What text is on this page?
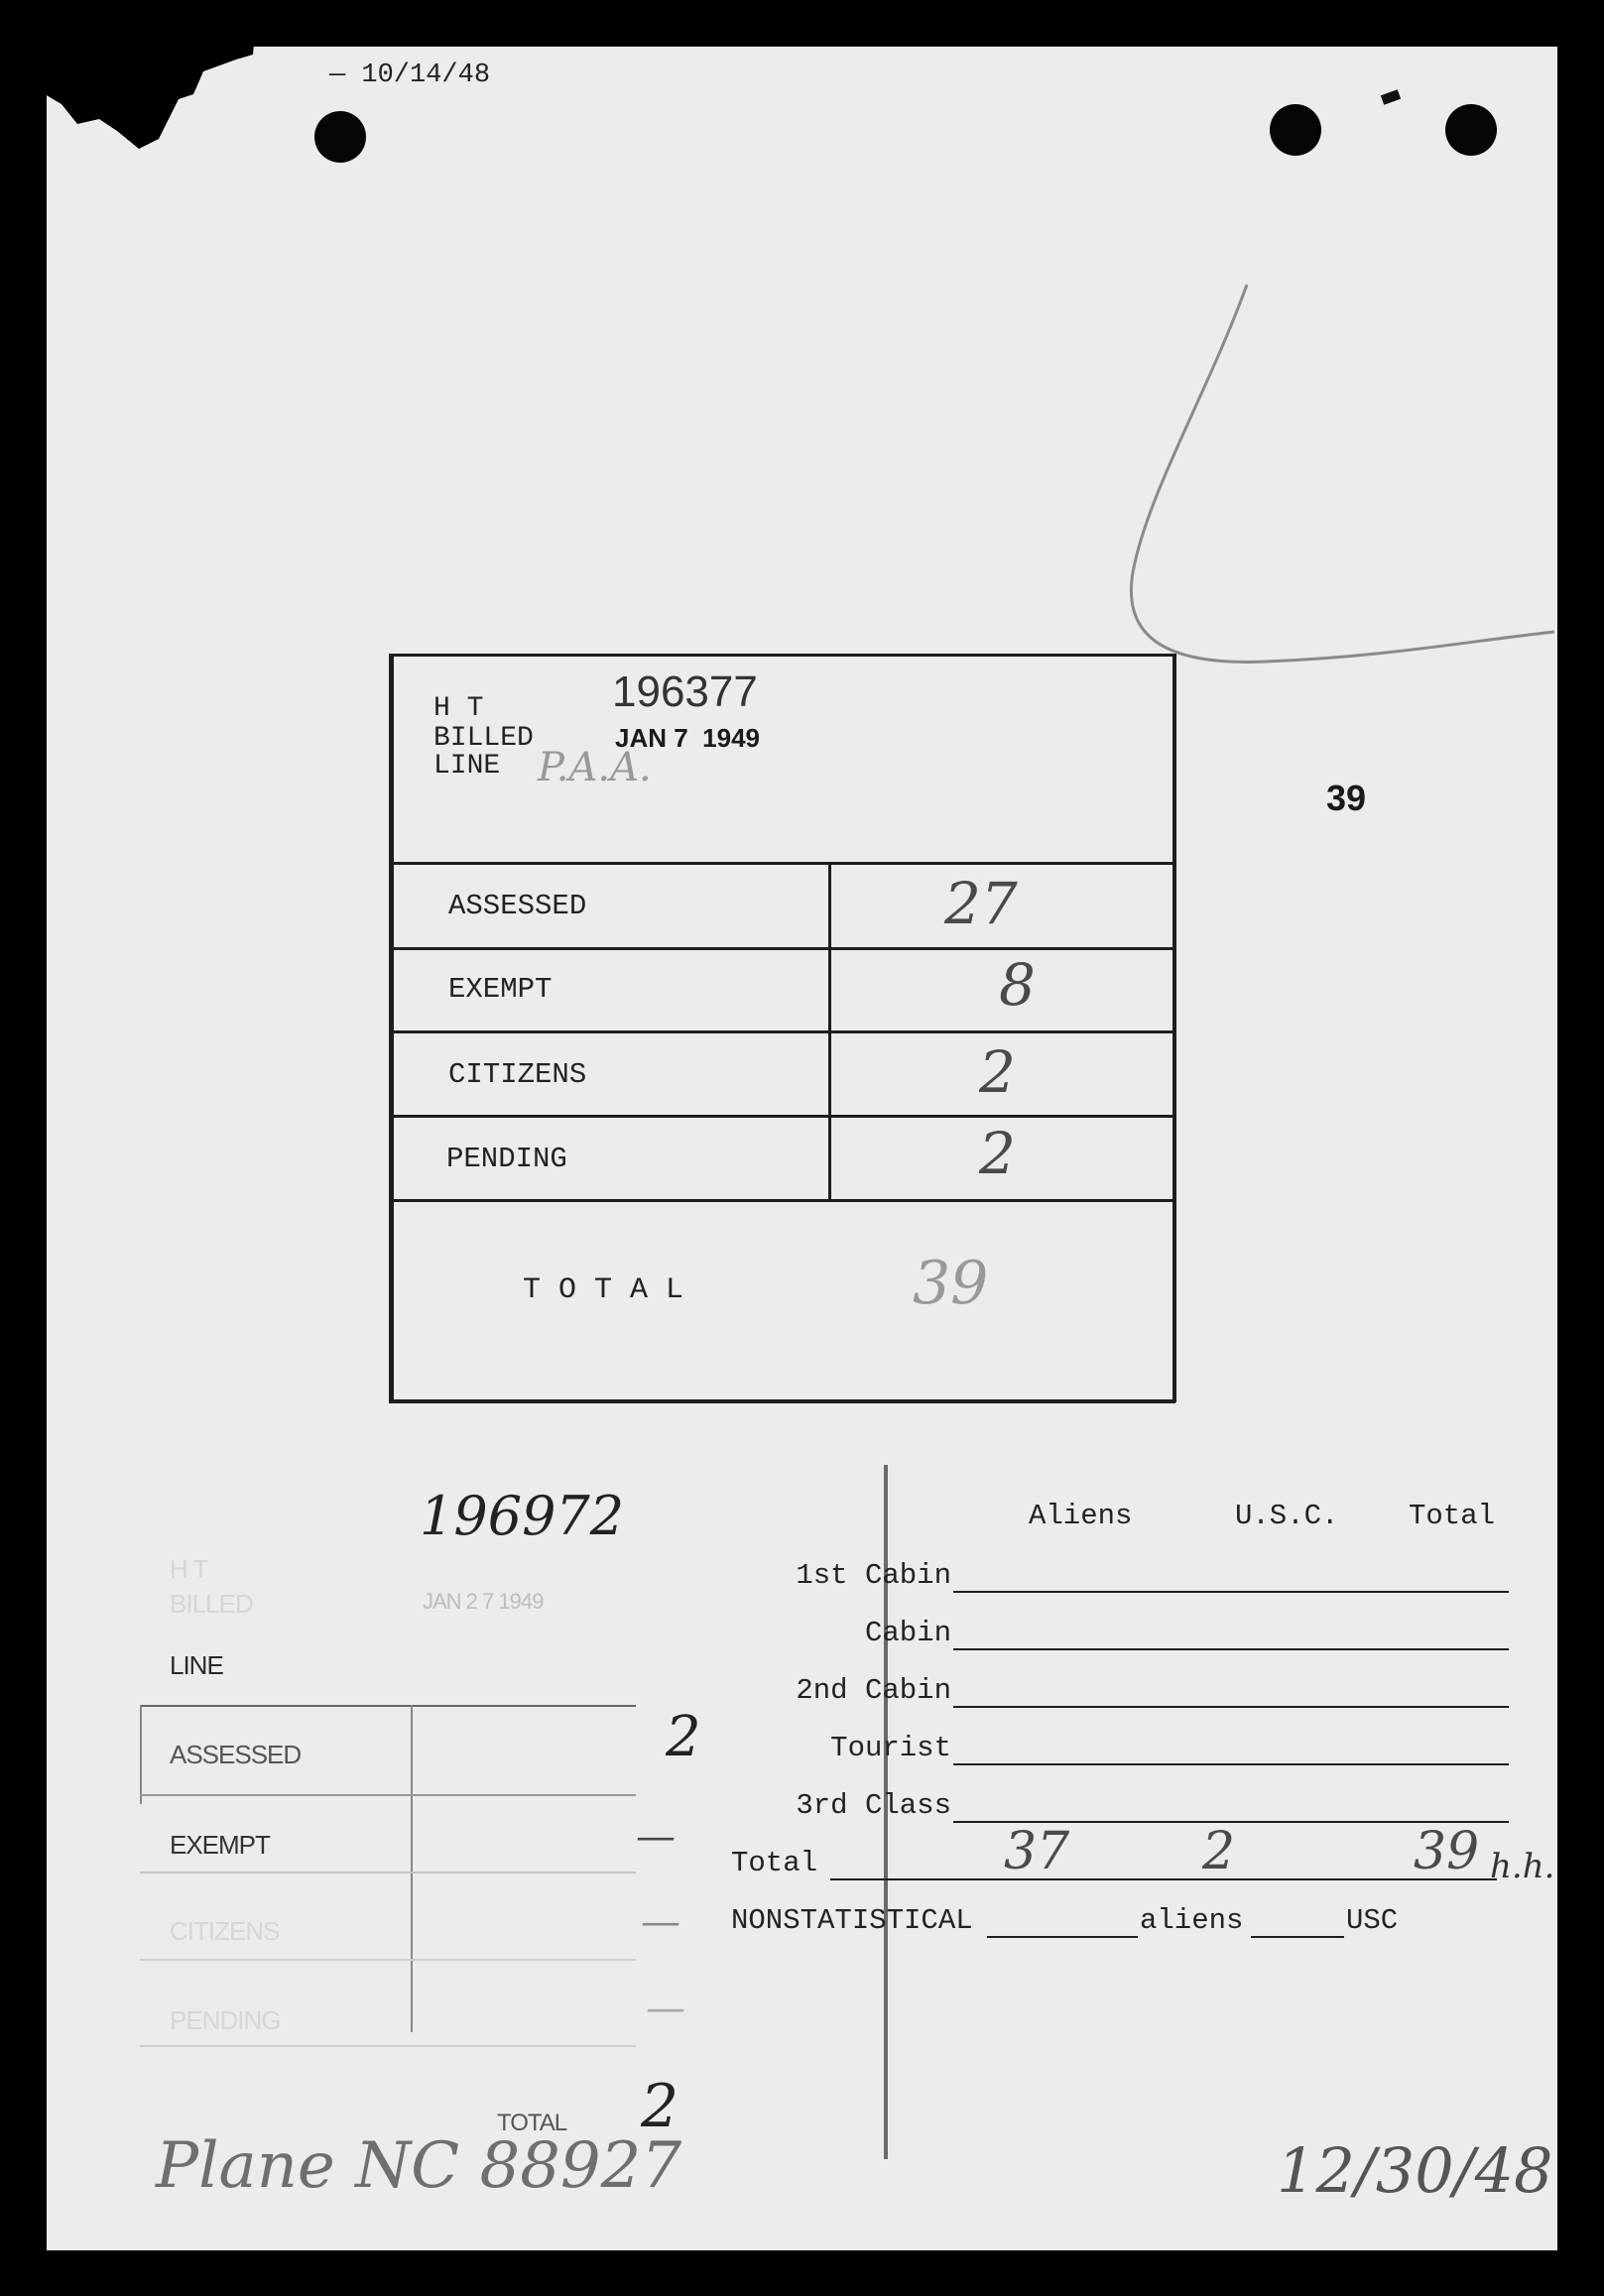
— 10/14/48
39
H T	196377
BILLED	JAN 7  1949
LINE P.A.A.
ASSESSED	27
EXEMPT	8
CITIZENS	2
PENDING	2
T O T A L	39
196972
H T
BILLED	JAN 2 7 1949
LINE
ASSESSED	2
EXEMPT	—
CITIZENS	—
PENDING	—
TOTAL 2
Aliens	U.S.C. Total
1st Cabin
Cabin
2nd Cabin
Tourist
3rd Class
Total	37	2	39 h.h.
NONSTATISTICAL	aliens	USC
Plane NC 88927	12/30/48
